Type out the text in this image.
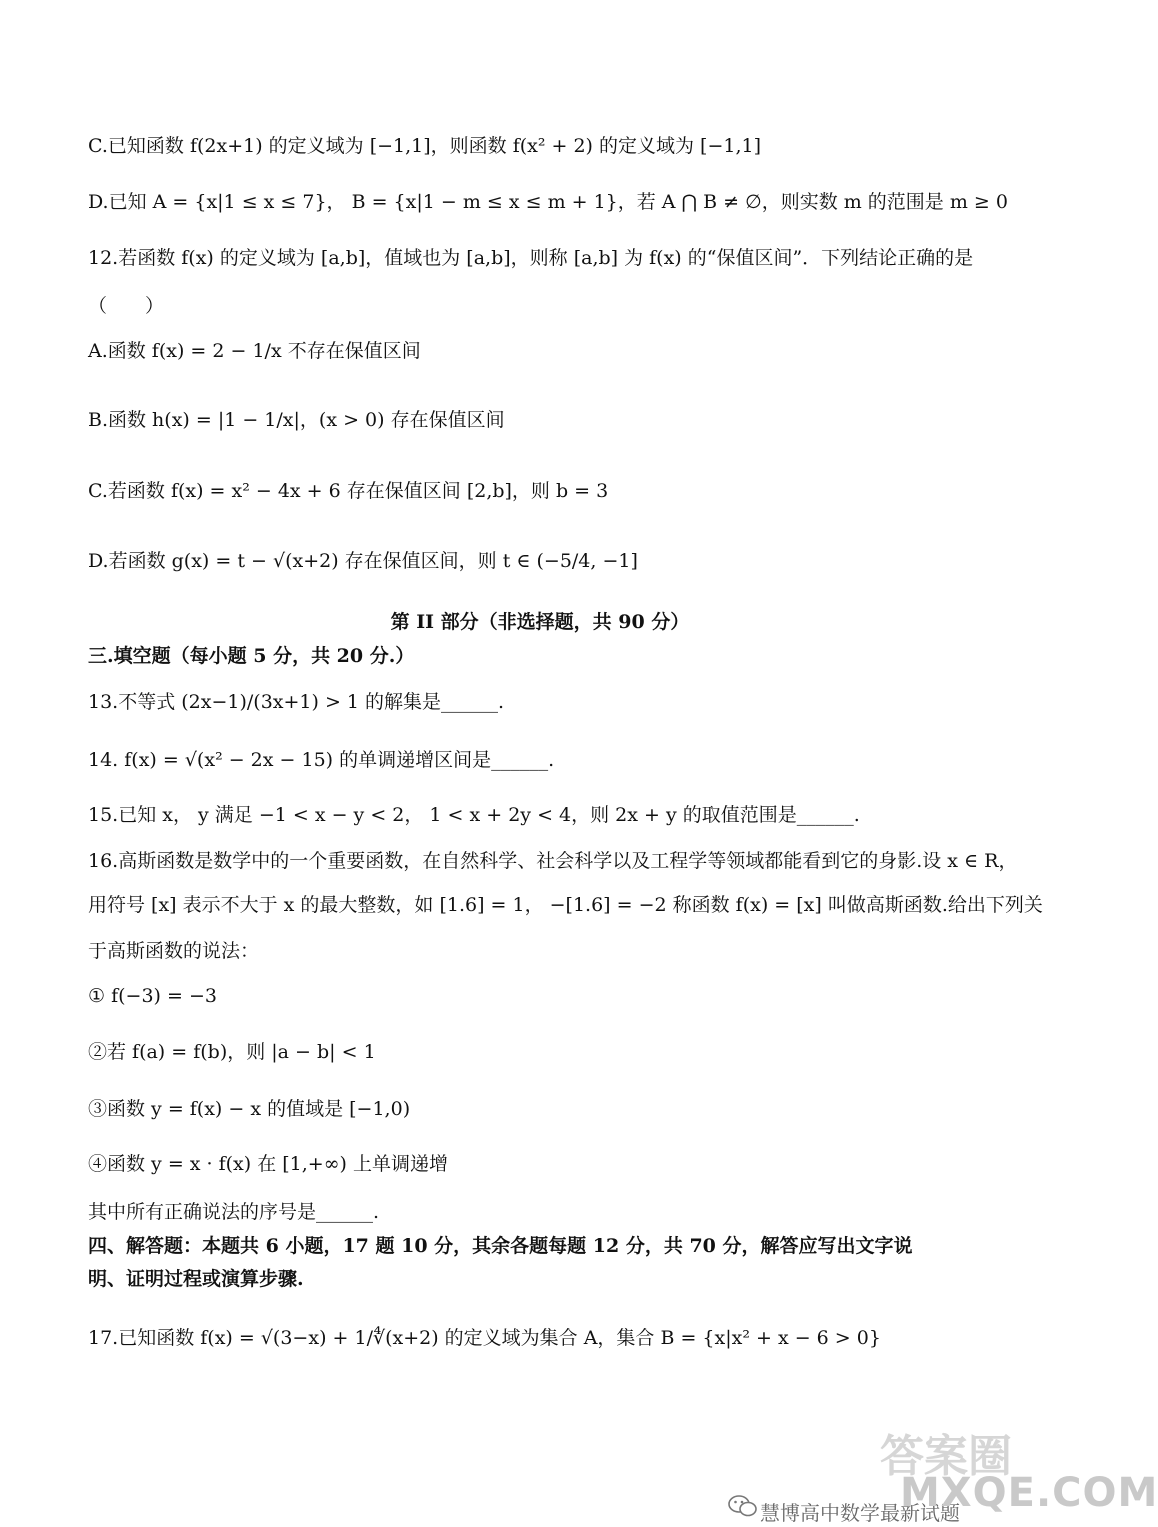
C.已知函数 f(2x+1) 的定义域为 [−1,1]，则函数 f(x² + 2) 的定义域为 [−1,1]
D.已知 A = {x|1 ≤ x ≤ 7}， B = {x|1 − m ≤ x ≤ m + 1}，若 A ⋂ B ≠ ∅，则实数 m 的范围是 m ≥ 0
12.若函数 f(x) 的定义域为 [a,b]，值域也为 [a,b]，则称 [a,b] 为 f(x) 的“保值区间”．下列结论正确的是
（　　）
A.函数 f(x) = 2 − 1/x 不存在保值区间
B.函数 h(x) = |1 − 1/x|，(x > 0) 存在保值区间
C.若函数 f(x) = x² − 4x + 6 存在保值区间 [2,b]，则 b = 3
D.若函数 g(x) = t − √(x+2) 存在保值区间，则 t ∈ (−5/4, −1]
第 II 部分（非选择题，共 90 分）
三.填空题（每小题 5 分，共 20 分.）
13.不等式 (2x−1)/(3x+1) > 1 的解集是______.
14. f(x) = √(x² − 2x − 15) 的单调递增区间是______.
15.已知 x， y 满足 −1 < x − y < 2， 1 < x + 2y < 4，则 2x + y 的取值范围是______.
16.高斯函数是数学中的一个重要函数，在自然科学、社会科学以及工程学等领域都能看到它的身影.设 x ∈ R，
用符号 [x] 表示不大于 x 的最大整数，如 [1.6] = 1， −[1.6] = −2 称函数 f(x) = [x] 叫做高斯函数.给出下列关
于高斯函数的说法：
① f(−3) = −3
②若 f(a) = f(b)，则 |a − b| < 1
③函数 y = f(x) − x 的值域是 [−1,0)
④函数 y = x · f(x) 在 [1,+∞) 上单调递增
其中所有正确说法的序号是______.
四、解答题：本题共 6 小题，17 题 10 分，其余各题每题 12 分，共 70 分，解答应写出文字说
明、证明过程或演算步骤.
17.已知函数 f(x) = √(3−x) + 1/∜(x+2) 的定义域为集合 A，集合 B = {x|x² + x − 6 > 0}
慧博高中数学最新试题
答案圈
MXQE.COM
